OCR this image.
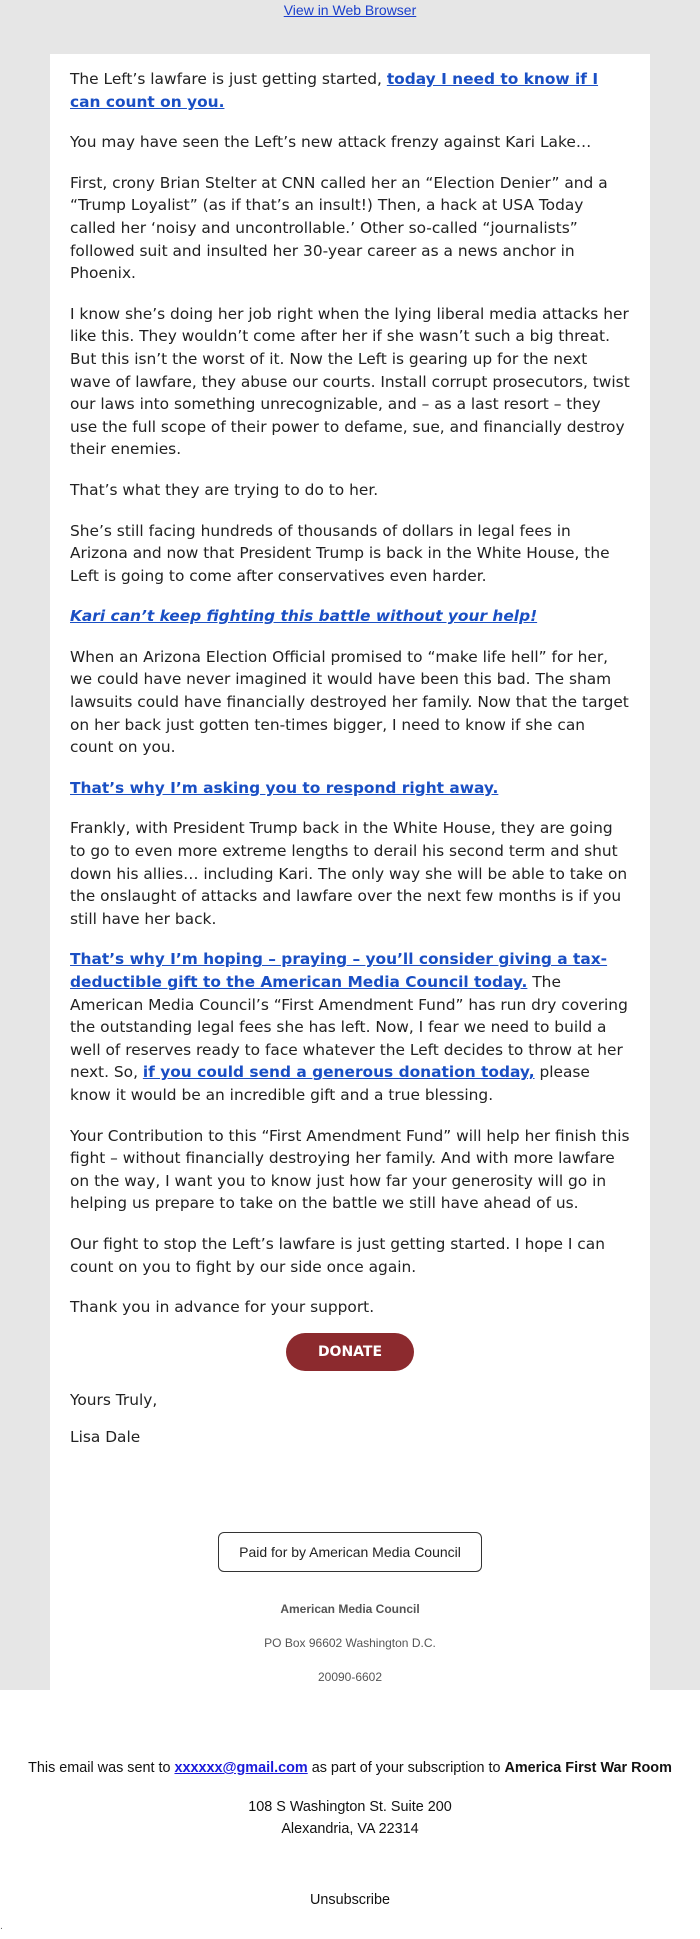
View in Web Browser

The Left’s lawfare is just getting started, today I need to know if I can count on you.

You may have seen the Left’s new attack frenzy against Kari Lake…

First, crony Brian Stelter at CNN called her an “Election Denier” and a “Trump Loyalist” (as if that’s an insult!) Then, a hack at USA Today called her ‘noisy and uncontrollable.’ Other so-called “journalists” followed suit and insulted her 30-year career as a news anchor in Phoenix.

I know she’s doing her job right when the lying liberal media attacks her like this. They wouldn’t come after her if she wasn’t such a big threat. But this isn’t the worst of it. Now the Left is gearing up for the next wave of lawfare, they abuse our courts. Install corrupt prosecutors, twist our laws into something unrecognizable, and – as a last resort – they use the full scope of their power to defame, sue, and financially destroy their enemies.

That’s what they are trying to do to her.

She’s still facing hundreds of thousands of dollars in legal fees in Arizona and now that President Trump is back in the White House, the Left is going to come after conservatives even harder.

Kari can’t keep fighting this battle without your help!

When an Arizona Election Official promised to “make life hell” for her, we could have never imagined it would have been this bad. The sham lawsuits could have financially destroyed her family. Now that the target on her back just gotten ten-times bigger, I need to know if she can count on you.

That’s why I’m asking you to respond right away.

Frankly, with President Trump back in the White House, they are going to go to even more extreme lengths to derail his second term and shut down his allies… including Kari. The only way she will be able to take on the onslaught of attacks and lawfare over the next few months is if you still have her back.

That’s why I’m hoping – praying – you’ll consider giving a tax-deductible gift to the American Media Council today. The American Media Council’s “First Amendment Fund” has run dry covering the outstanding legal fees she has left. Now, I fear we need to build a well of reserves ready to face whatever the Left decides to throw at her next. So, if you could send a generous donation today, please know it would be an incredible gift and a true blessing.

Your Contribution to this “First Amendment Fund” will help her finish this fight – without financially destroying her family. And with more lawfare on the way, I want you to know just how far your generosity will go in helping us prepare to take on the battle we still have ahead of us.

Our fight to stop the Left’s lawfare is just getting started. I hope I can count on you to fight by our side once again.

Thank you in advance for your support.

DONATE

Yours Truly,

Lisa Dale

Paid for by American Media Council
American Media Council
PO Box 96602 Washington D.C.
20090-6602
This email was sent to xxxxxx@gmail.com as part of your subscription to America First War Room
108 S Washington St. Suite 200
Alexandria, VA 22314
Unsubscribe
.
